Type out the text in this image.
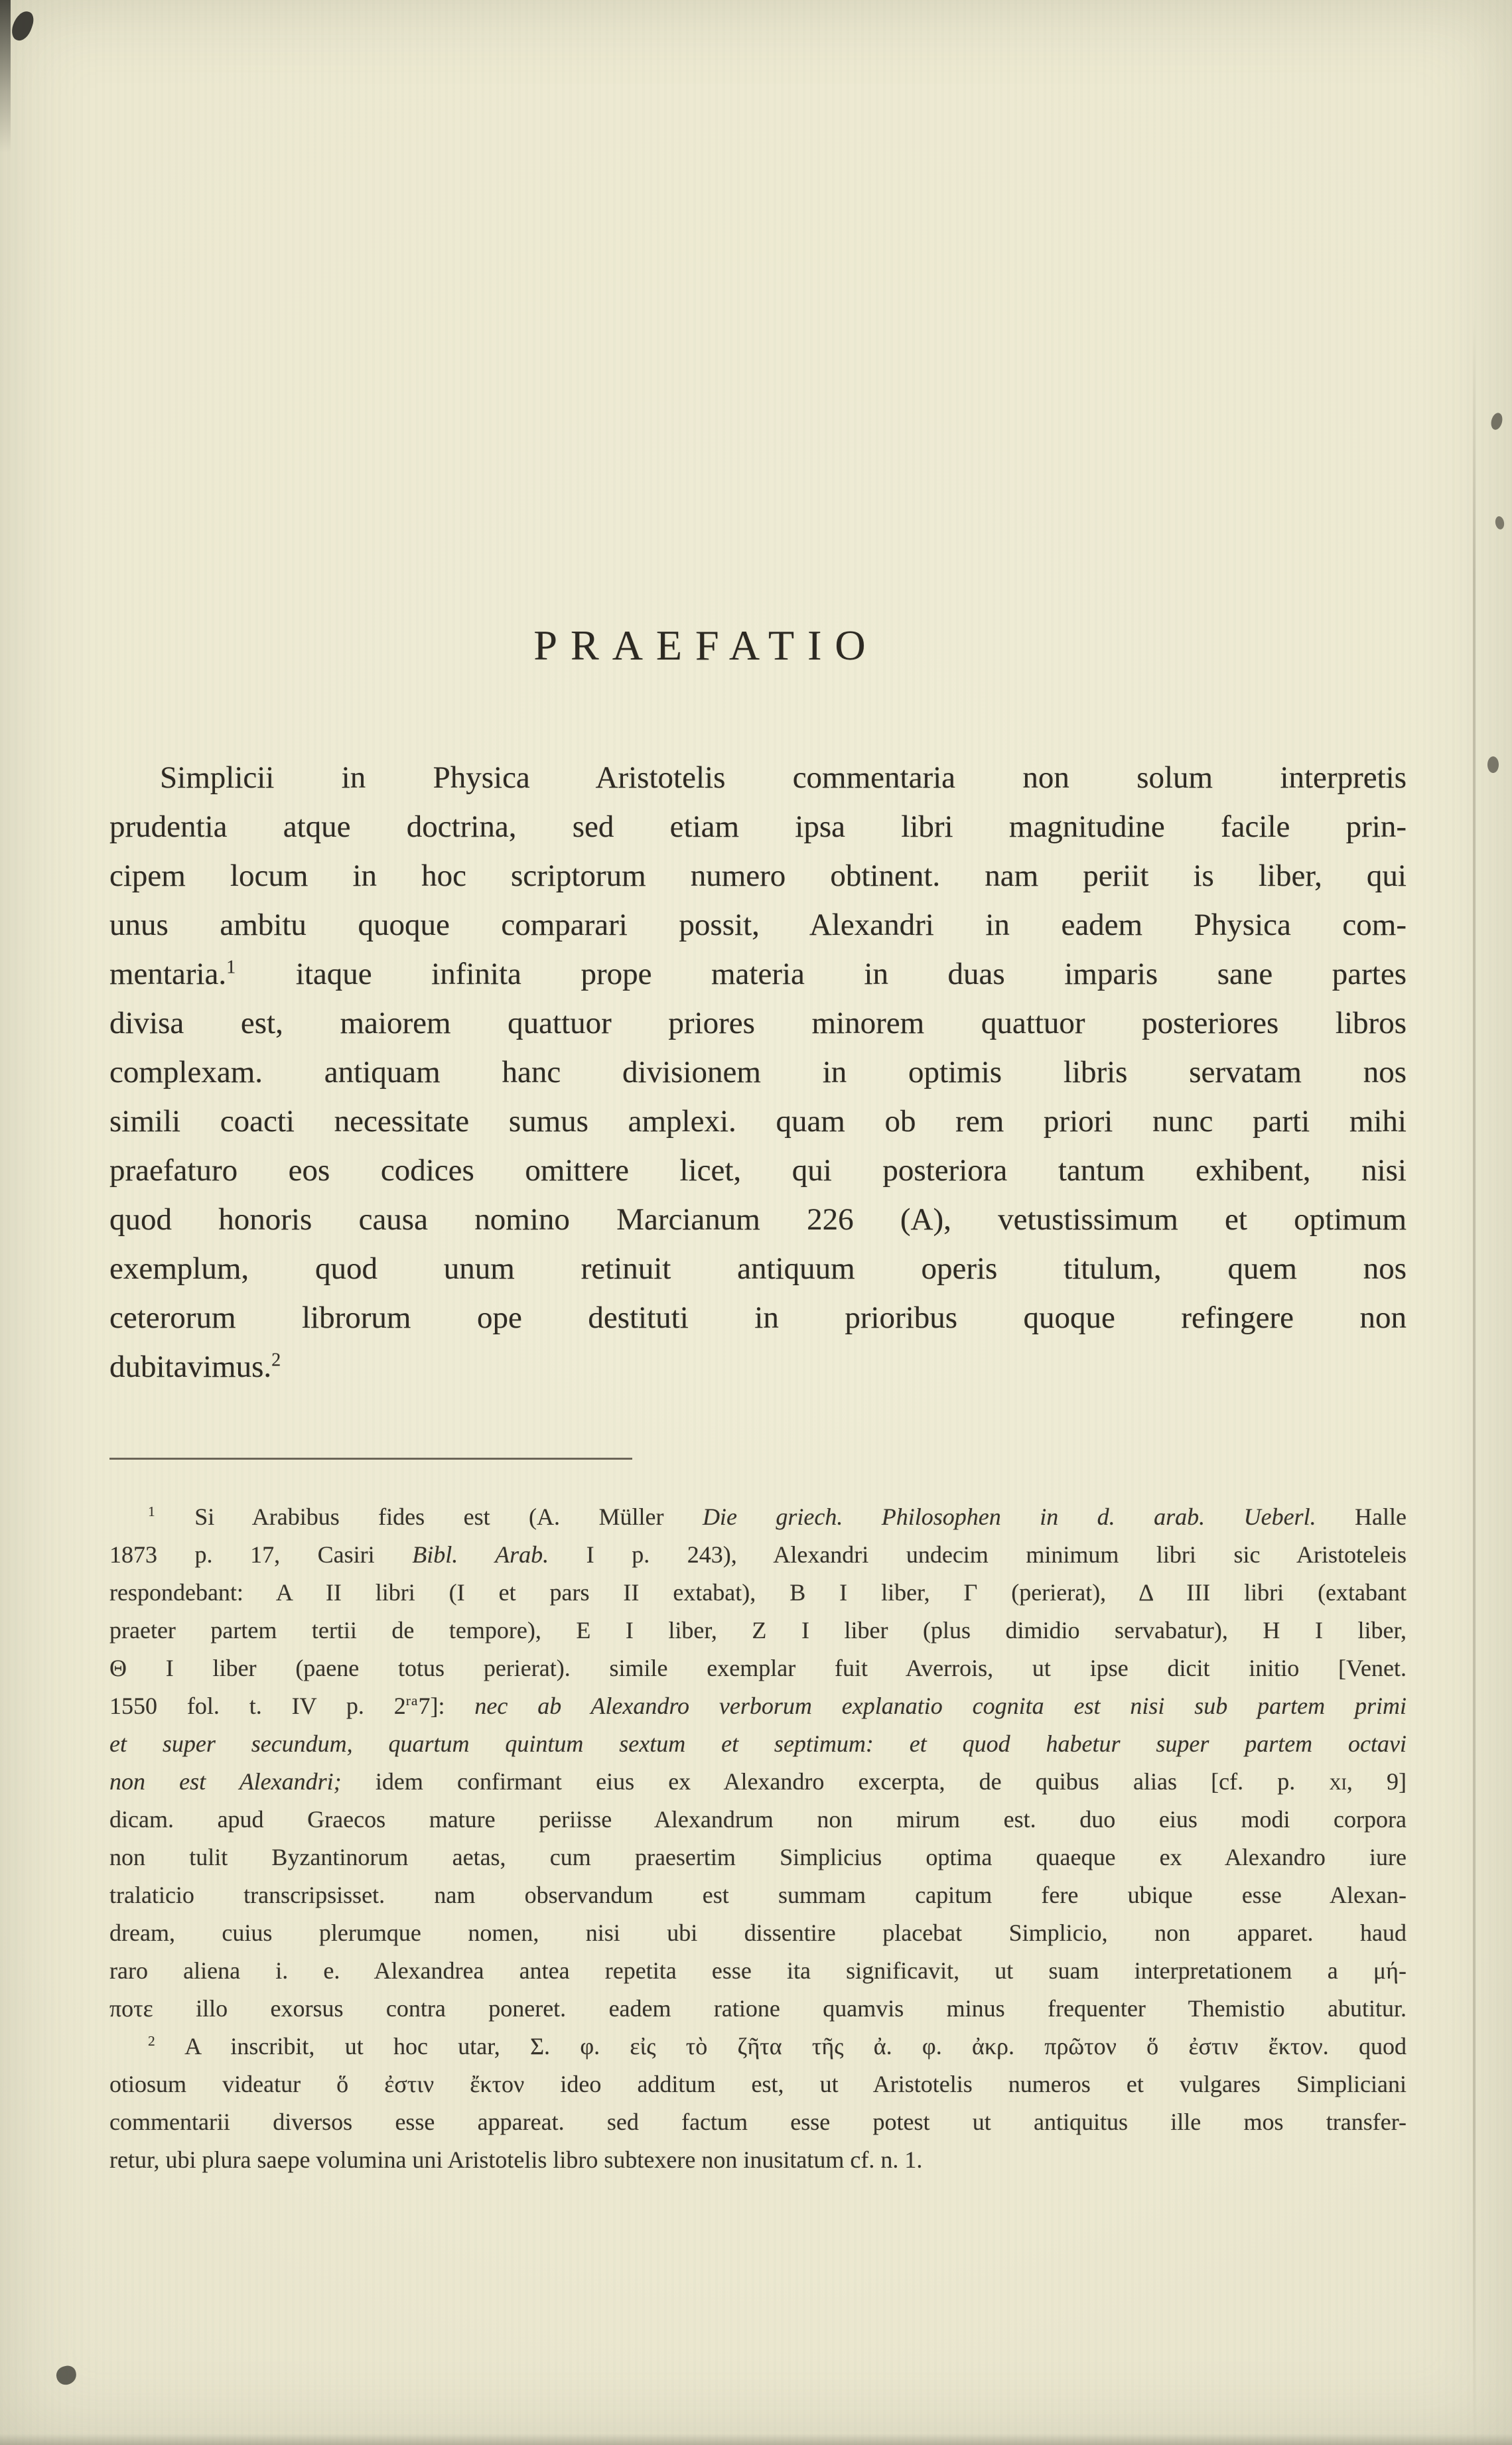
PRAEFATIO
Simplicii in Physica Aristotelis commentaria non solum interpretis
prudentia atque doctrina, sed etiam ipsa libri magnitudine facile prin-
cipem locum in hoc scriptorum numero obtinent. nam periit is liber, qui
unus ambitu quoque comparari possit, Alexandri in eadem Physica com-
mentaria.$^1$ itaque infinita prope materia in duas imparis sane partes
divisa est, maiorem quattuor priores minorem quattuor posteriores libros
complexam. antiquam hanc divisionem in optimis libris servatam nos
simili coacti necessitate sumus amplexi. quam ob rem priori nunc parti mihi
praefaturo eos codices omittere licet, qui posteriora tantum exhibent, nisi
quod honoris causa nomino Marcianum 226 (A), vetustissimum et optimum
exemplum, quod unum retinuit antiquum operis titulum, quem nos
ceterorum librorum ope destituti in prioribus quoque refingere non
dubitavimus.$^2$
$^1$ Si Arabibus fides est (A. Müller Die griech. Philosophen in d. arab. Ueberl. Halle
1873 p. 17, Casiri Bibl. Arab. I p. 243), Alexandri undecim minimum libri sic Aristoteleis
respondebant: A II libri (I et pars II extabat), B I liber, Γ (perierat), Δ III libri (extabant
praeter partem tertii de tempore), E I liber, Z I liber (plus dimidio servabatur), H I liber,
Θ I liber (paene totus perierat). simile exemplar fuit Averrois, ut ipse dicit initio [Venet.
1550 fol. t. IV p. $2^{ra}7$]: nec ab Alexandro verborum explanatio cognita est nisi sub partem primi
et super secundum, quartum quintum sextum et septimum: et quod habetur super partem octavi
non est Alexandri; idem confirmant eius ex Alexandro excerpta, de quibus alias [cf. p. xi, 9]
dicam. apud Graecos mature periisse Alexandrum non mirum est. duo eius modi corpora
non tulit Byzantinorum aetas, cum praesertim Simplicius optima quaeque ex Alexandro iure
tralaticio transcripsisset. nam observandum est summam capitum fere ubique esse Alexan-
dream, cuius plerumque nomen, nisi ubi dissentire placebat Simplicio, non apparet. haud
raro aliena i. e. Alexandrea antea repetita esse ita significavit, ut suam interpretationem a μή-
ποτε illo exorsus contra poneret. eadem ratione quamvis minus frequenter Themistio abutitur.
$^2$ A inscribit, ut hoc utar, Σ. φ. εἰς τὸ ζῆτα τῆς ἀ. φ. ἀκρ. πρῶτον ὅ ἐστιν ἔκτον. quod
otiosum videatur ὅ ἐστιν ἔκτον ideo additum est, ut Aristotelis numeros et vulgares Simpliciani
commentarii diversos esse appareat. sed factum esse potest ut antiquitus ille mos transfer-
retur, ubi plura saepe volumina uni Aristotelis libro subtexere non inusitatum cf. n. 1.
